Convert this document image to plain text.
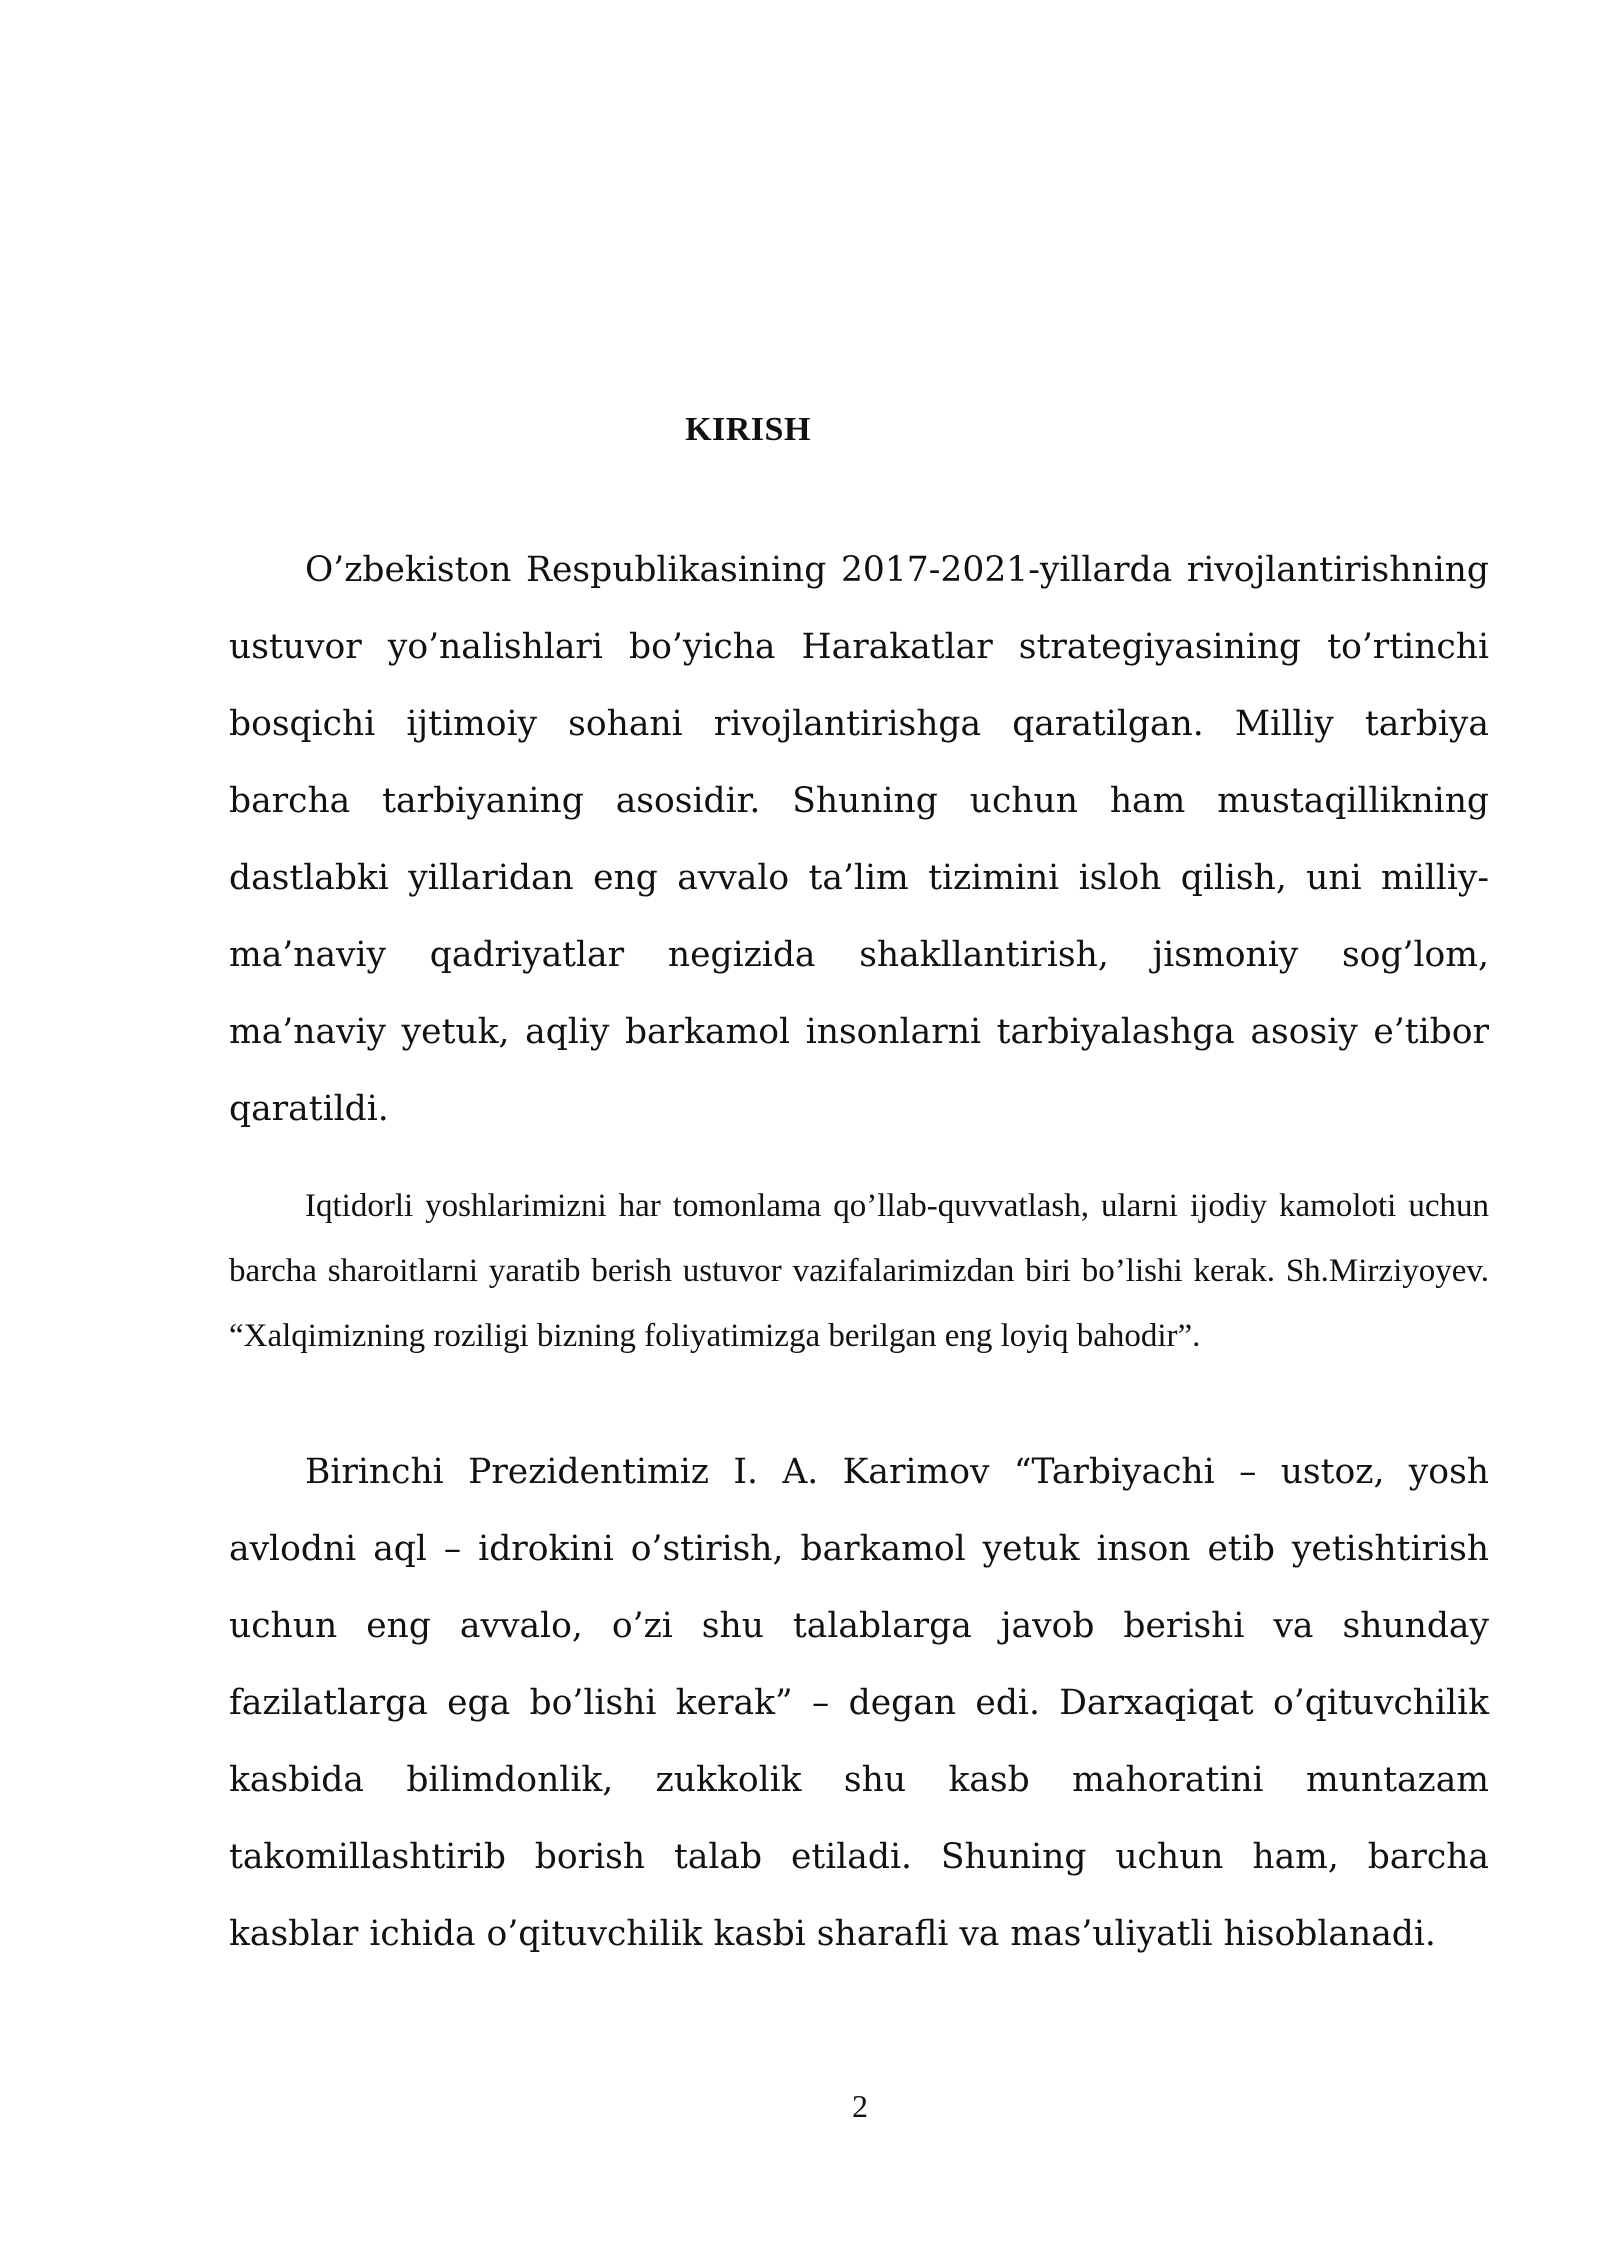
KIRISH

O’zbekiston Respublikasining 2017-2021-yillarda rivojlantirishning ustuvor yo’nalishlari bo’yicha Harakatlar strategiyasining to’rtinchi bosqichi ijtimoiy sohani rivojlantirishga qaratilgan. Milliy tarbiya barcha tarbiyaning asosidir. Shuning uchun ham mustaqillikning dastlabki yillaridan eng avvalo ta’lim tizimini isloh qilish, uni milliy-ma’naviy qadriyatlar negizida shakllantirish, jismoniy sog’lom, ma’naviy yetuk, aqliy barkamol insonlarni tarbiyalashga asosiy e’tibor qaratildi.

Iqtidorli yoshlarimizni har tomonlama qo’llab-quvvatlash, ularni ijodiy kamoloti uchun barcha sharoitlarni yaratib berish ustuvor vazifalarimizdan biri bo’lishi kerak. Sh.Mirziyoyev. “Xalqimizning roziligi bizning foliyatimizga berilgan eng loyiq bahodir”.

Birinchi Prezidentimiz I. A. Karimov “Tarbiyachi – ustoz, yosh avlodni aql – idrokini o’stirish, barkamol yetuk inson etib yetishtirish uchun eng avvalo, o’zi shu talablarga javob berishi va shunday fazilatlarga ega bo’lishi kerak” – degan edi. Darxaqiqat o’qituvchilik kasbida bilimdonlik, zukkolik shu kasb mahoratini muntazam takomillashtirib borish talab etiladi. Shuning uchun ham, barcha kasblar ichida o’qituvchilik kasbi sharafli va mas’uliyatli hisoblanadi.

2
